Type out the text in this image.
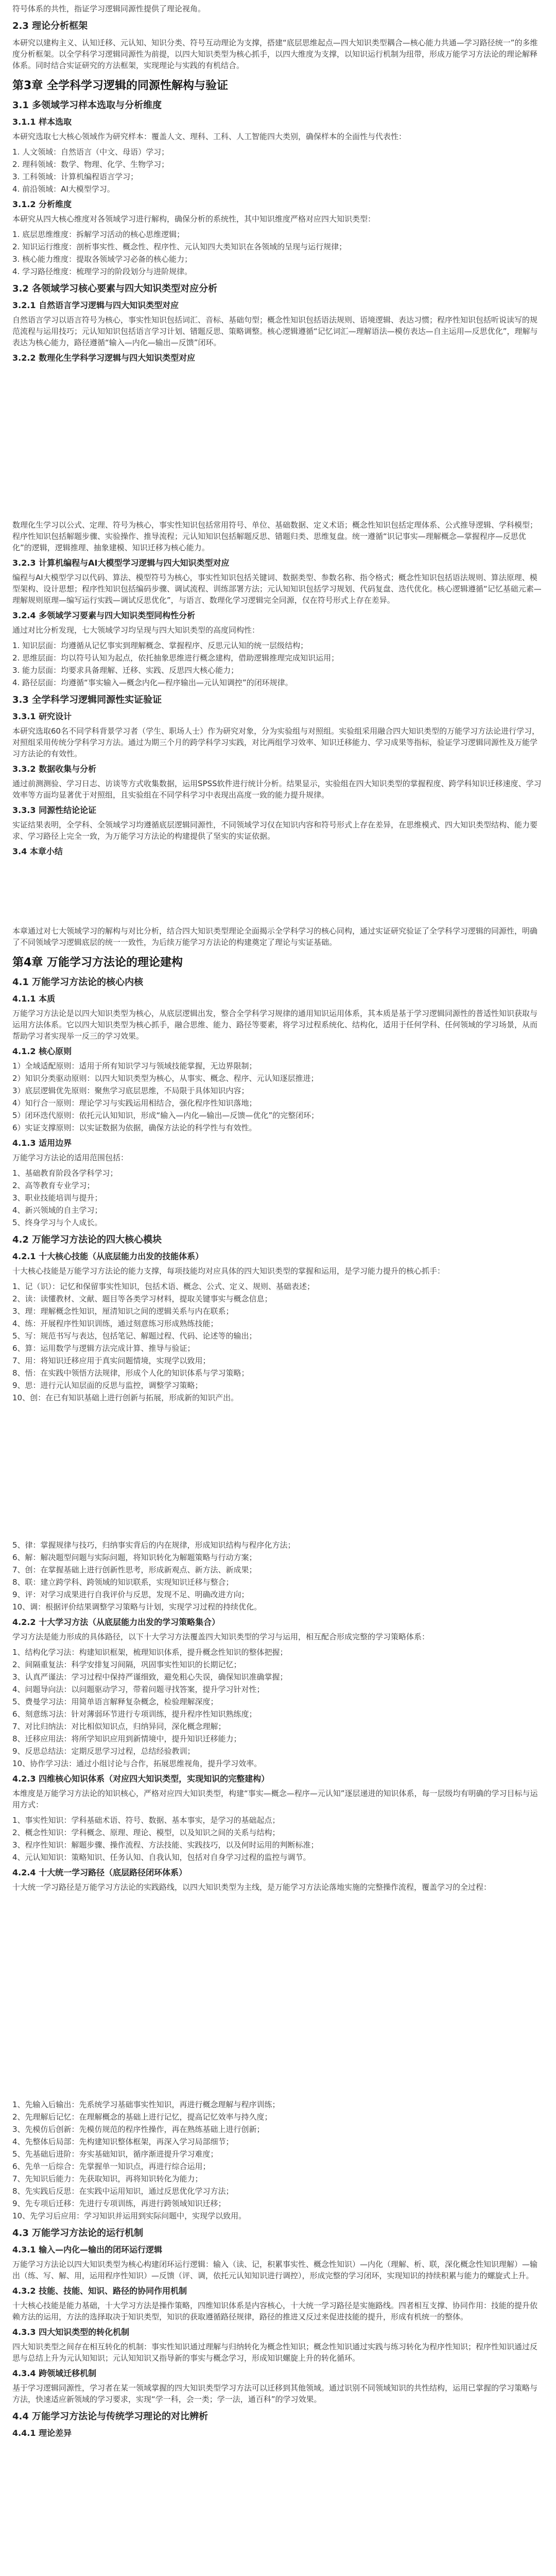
符号体系的共性，指证学习逻辑同源性提供了理论视角。
2.3 理论分析框架
本研究以建构主义、认知迁移、元认知、知识分类、符号互动理论为支撑，搭建“底层思维起点—四大知识类型耦合—核心能力共通—学习路径统一”的多维度分析框架。以全学科学习逻辑同源性为前提，以四大知识类型为核心抓手，以四大维度为支撑，以知识运行机制为纽带，形成万能学习方法论的理论解释体系。同时结合实证研究的方法框架，实现理论与实践的有机结合。
第3章 全学科学习逻辑的同源性解构与验证
3.1 多领域学习样本选取与分析维度
3.1.1 样本选取
本研究选取七大核心领域作为研究样本：覆盖人文、理科、工科、人工智能四大类别，确保样本的全面性与代表性：
1. 人文领域：自然语言（中文、母语）学习；
2. 理科领域：数学、物理、化学、生物学习；
3. 工科领域：计算机编程语言学习；
4. 前沿领域：AI大模型学习。
3.1.2 分析维度
本研究从四大核心维度对各领域学习进行解构，确保分析的系统性，其中知识维度严格对应四大知识类型：
1. 底层思维维度：拆解学习活动的核心思维逻辑；
2. 知识运行维度：剖析事实性、概念性、程序性、元认知四大类知识在各领域的呈现与运行规律；
3. 核心能力维度：提取各领域学习必备的核心能力；
4. 学习路径维度：梳理学习的阶段划分与进阶规律。
3.2 各领域学习核心要素与四大知识类型对应分析
3.2.1 自然语言学习逻辑与四大知识类型对应
自然语言学习以语言符号为核心，事实性知识包括词汇、音标、基础句型；概念性知识包括语法规则、语境逻辑、表达习惯；程序性知识包括听说读写的规范流程与运用技巧；元认知知识包括语言学习计划、错题反思、策略调整。核心逻辑遵循“记忆词汇—理解语法—模仿表达—自主运用—反思优化”，理解与表达为核心能力，路径遵循“输入—内化—输出—反馈”闭环。
3.2.2 数理化生学科学习逻辑与四大知识类型对应
数理化生学习以公式、定理、符号为核心，事实性知识包括常用符号、单位、基础数据、定义术语；概念性知识包括定理体系、公式推导逻辑、学科模型；程序性知识包括解题步骤、实验操作、推导流程；元认知知识包括解题反思、错题归类、思维复盘。统一遵循“识记事实—理解概念—掌握程序—反思优化”的逻辑，逻辑推理、抽象建模、知识迁移为核心能力。
3.2.3 计算机编程与AI大模型学习逻辑与四大知识类型对应
编程与AI大模型学习以代码、算法、模型符号为核心，事实性知识包括关键词、数据类型、参数名称、指令格式；概念性知识包括语法规则、算法原理、模型架构、设计思想；程序性知识包括编码步骤、调试流程、训练部署方法；元认知知识包括学习规划、代码复盘、迭代优化。核心逻辑遵循“记忆基础元素—理解规则原理—编写运行实践—调试反思优化”，与语言、数理化学习逻辑完全同源，仅在符号形式上存在差异。
3.2.4 多领域学习要素与四大知识类型同构性分析
通过对比分析发现，七大领域学习均呈现与四大知识类型的高度同构性：
1. 知识层面：均遵循从记忆事实到理解概念、掌握程序、反思元认知的统一层级结构；
2. 思维层面：均以符号认知为起点，依托抽象思维进行概念建构，借助逻辑推理完成知识运用；
3. 能力层面：均要求具备理解、迁移、实践、反思四大核心能力；
4. 路径层面：均遵循“事实输入—概念内化—程序输出—元认知调控”的闭环规律。
3.3 全学科学习逻辑同源性实证验证
3.3.1 研究设计
本研究选取60名不同学科背景学习者（学生、职场人士）作为研究对象，分为实验组与对照组。实验组采用融合四大知识类型的万能学习方法论进行学习，对照组采用传统分学科学习方法。通过为期三个月的跨学科学习实践，对比两组学习效率、知识迁移能力、学习成果等指标，验证学习逻辑同源性及万能学习方法论的有效性。
3.3.2 数据收集与分析
通过前测测验、学习日志、访谈等方式收集数据，运用SPSS软件进行统计分析。结果显示，实验组在四大知识类型的掌握程度、跨学科知识迁移速度、学习效率等方面均显著优于对照组，且实验组在不同学科学习中表现出高度一致的能力提升规律。
3.3.3 同源性结论论证
实证结果表明，全学科、全领域学习均遵循底层逻辑同源性，不同领域学习仅在知识内容和符号形式上存在差异，在思维模式、四大知识类型结构、能力要求、学习路径上完全一致，为万能学习方法论的构建提供了坚实的实证依据。
3.4 本章小结
本章通过对七大领域学习的解构与对比分析，结合四大知识类型理论全面揭示全学科学习的核心同构，通过实证研究验证了全学科学习逻辑的同源性，明确了不同领域学习逻辑底层的统一一致性，为后续万能学习方法论的构建奠定了理论与实证基础。
第4章 万能学习方法论的理论建构
4.1 万能学习方法论的核心内核
4.1.1 本质
万能学习方法论是以四大知识类型为核心，从底层逻辑出发，整合全学科学习规律的通用知识运用体系，其本质是基于学习逻辑同源性的普适性知识获取与运用方法体系。它以四大知识类型为核心抓手，融合思维、能力、路径等要素，将学习过程系统化、结构化，适用于任何学科、任何领域的学习场景，从而帮助学习者实现举一反三的学习效果。
4.1.2 核心原则
1）全域适配原则：适用于所有知识学习与领域技能掌握，无边界限制；
2）知识分类驱动原则：以四大知识类型为核心，从事实、概念、程序、元认知逐层推进；
3）底层逻辑优先原则：聚焦学习底层思维，不局限于具体知识内容；
4）知行合一原则：理论学习与实践运用相结合，强化程序性知识落地；
5）闭环迭代原则：依托元认知知识，形成“输入—内化—输出—反馈—优化”的完整闭环；
6）实证支撑原则：以实证数据为依据，确保方法论的科学性与有效性。
4.1.3 适用边界
万能学习方法论的适用范围包括：
1、基础教育阶段各学科学习；
2、高等教育专业学习；
3、职业技能培训与提升；
4、新兴领域的自主学习；
5、终身学习与个人成长。
4.2 万能学习方法论的四大核心模块
4.2.1 十大核心技能（从底层能力出发的技能体系）
十大核心技能是万能学习方法论的能力支撑，每项技能均对应具体的四大知识类型的掌握和运用，是学习能力提升的核心抓手：
1、记（识）：记忆和保留事实性知识，包括术语、概念、公式、定义、规则、基础表述；
2、读：读懂教材、文献、题目等各类学习材料，提取关键事实与概念信息；
3、理：理解概念性知识，厘清知识之间的逻辑关系与内在联系；
4、练：开展程序性知识训练，通过刻意练习形成熟练技能；
5、写：规范书写与表达，包括笔记、解题过程、代码、论述等的输出；
6、算：运用数学与逻辑方法完成计算、推导与验证；
7、用：将知识迁移应用于真实问题情境，实现学以致用；
8、悟：在实践中领悟方法规律，形成个人化的知识体系与学习策略；
9、思：进行元认知层面的反思与监控，调整学习策略；
10、创：在已有知识基础上进行创新与拓展，形成新的知识产出。
5、律：掌握规律与技巧，归纳事实背后的内在规律，形成知识结构与程序化方法；
6、解：解决题型问题与实际问题，将知识转化为解题策略与行动方案；
7、创：在掌握基础上进行创新性思考，形成新观点、新方法、新成果；
8、联：建立跨学科、跨领域的知识联系，实现知识迁移与整合；
9、评：对学习成果进行自我评价与反思，发现不足、明确改进方向；
10、调：根据评价结果调整学习策略与计划，实现学习过程的持续优化。
4.2.2 十大学习方法（从底层能力出发的学习策略集合）
学习方法是能力形成的具体路径，以下十大学习方法覆盖四大知识类型的学习与运用，相互配合形成完整的学习策略体系：
1、结构化学习法：构建知识框架，梳理知识体系，提升概念性知识的整体把握；
2、间隔重复法：科学安排复习间隔，巩固事实性知识的长期记忆；
3、认真严谨法：学习过程中保持严谨细致，避免粗心失误，确保知识准确掌握；
4、问题导向法：以问题驱动学习，带着问题寻找答案，提升学习针对性；
5、费曼学习法：用简单语言解释复杂概念，检验理解深度；
6、刻意练习法：针对薄弱环节进行专项训练，提升程序性知识熟练度；
7、对比归纳法：对比相似知识点，归纳异同，深化概念理解；
8、迁移应用法：将所学知识应用到新情境中，提升知识迁移能力；
9、反思总结法：定期反思学习过程，总结经验教训；
10、协作学习法：通过小组讨论与合作，拓展思维视角，提升学习效率。
4.2.3 四维核心知识体系（对应四大知识类型，实现知识的完整建构）
本维度是万能学习方法论的知识核心，严格对应四大知识类型，构建“事实—概念—程序—元认知”逐层递进的知识体系，每一层级均有明确的学习目标与运用方式：
1、事实性知识：学科基础术语、符号、数据、基本事实，是学习的基础起点；
2、概念性知识：学科概念、原理、理论、模型，以及知识之间的关系与结构；
3、程序性知识：解题步骤、操作流程、方法技能、实践技巧，以及何时运用的判断标准；
4、元认知知识：策略知识、任务认知、自我认知，包括对自身学习过程的监控与调节。
4.2.4 十大统一学习路径（底层路径闭环体系）
十大统一学习路径是万能学习方法论的实践路线，以四大知识类型为主线，是万能学习方法论落地实施的完整操作流程，覆盖学习的全过程：
1、先输入后输出：先系统学习基础事实性知识，再进行概念理解与程序训练；
2、先理解后记忆：在理解概念的基础上进行记忆，提高记忆效率与持久度；
3、先模仿后创新：先模仿规范的程序性操作，再在熟练基础上进行创新；
4、先整体后局部：先构建知识整体框架，再深入学习局部细节；
5、先基础后进阶：夯实基础知识，循序渐进提升学习难度；
6、先单一后综合：先掌握单一知识点，再进行综合运用；
7、先知识后能力：先获取知识，再将知识转化为能力；
8、先实践后反思：在实践中运用知识，通过反思优化学习方法；
9、先专项后迁移：先进行专项训练，再进行跨领域知识迁移；
10、先学习后应用：学习知识并运用到实际问题中，实现学以致用。
4.3 万能学习方法论的运行机制
4.3.1 输入—内化—输出的闭环运行逻辑
万能学习方法论以四大知识类型为核心构建闭环运行逻辑：输入（读、记，积累事实性、概念性知识）—内化（理解、析、联，深化概念性知识理解）—输出（练、写、解、用，运用程序性知识）—反馈（评、调，依托元认知知识进行调控），形成完整的学习闭环，实现知识的持续积累与能力的螺旋式上升。
4.3.2 技能、技能、知识、路径的协同作用机制
十大核心技能是能力基础，十大学习方法是操作策略，四维知识体系是内容核心，十大统一学习路径是实施路线。四者相互支撑、协同作用：技能的提升依赖方法的运用，方法的选择取决于知识类型，知识的获取遵循路径规律，路径的推进又反过来促进技能的提升，形成有机统一的整体。
4.3.3 四大知识类型的转化机制
四大知识类型之间存在相互转化的机制：事实性知识通过理解与归纳转化为概念性知识；概念性知识通过实践与练习转化为程序性知识；程序性知识通过反思与总结上升为元认知知识；元认知知识又指导新的事实与概念学习，形成知识螺旋上升的转化循环。
4.3.4 跨领域迁移机制
基于学习逻辑同源性，学习者在某一领域掌握的四大知识类型学习方法可以迁移到其他领域。通过识别不同领域知识的共性结构，运用已掌握的学习策略与方法，快速适应新领域的学习要求，实现“学一科，会一类；学一法，通百科”的学习效果。
4.4 万能学习方法论与传统学习理论的对比辨析
4.4.1 理论差异
